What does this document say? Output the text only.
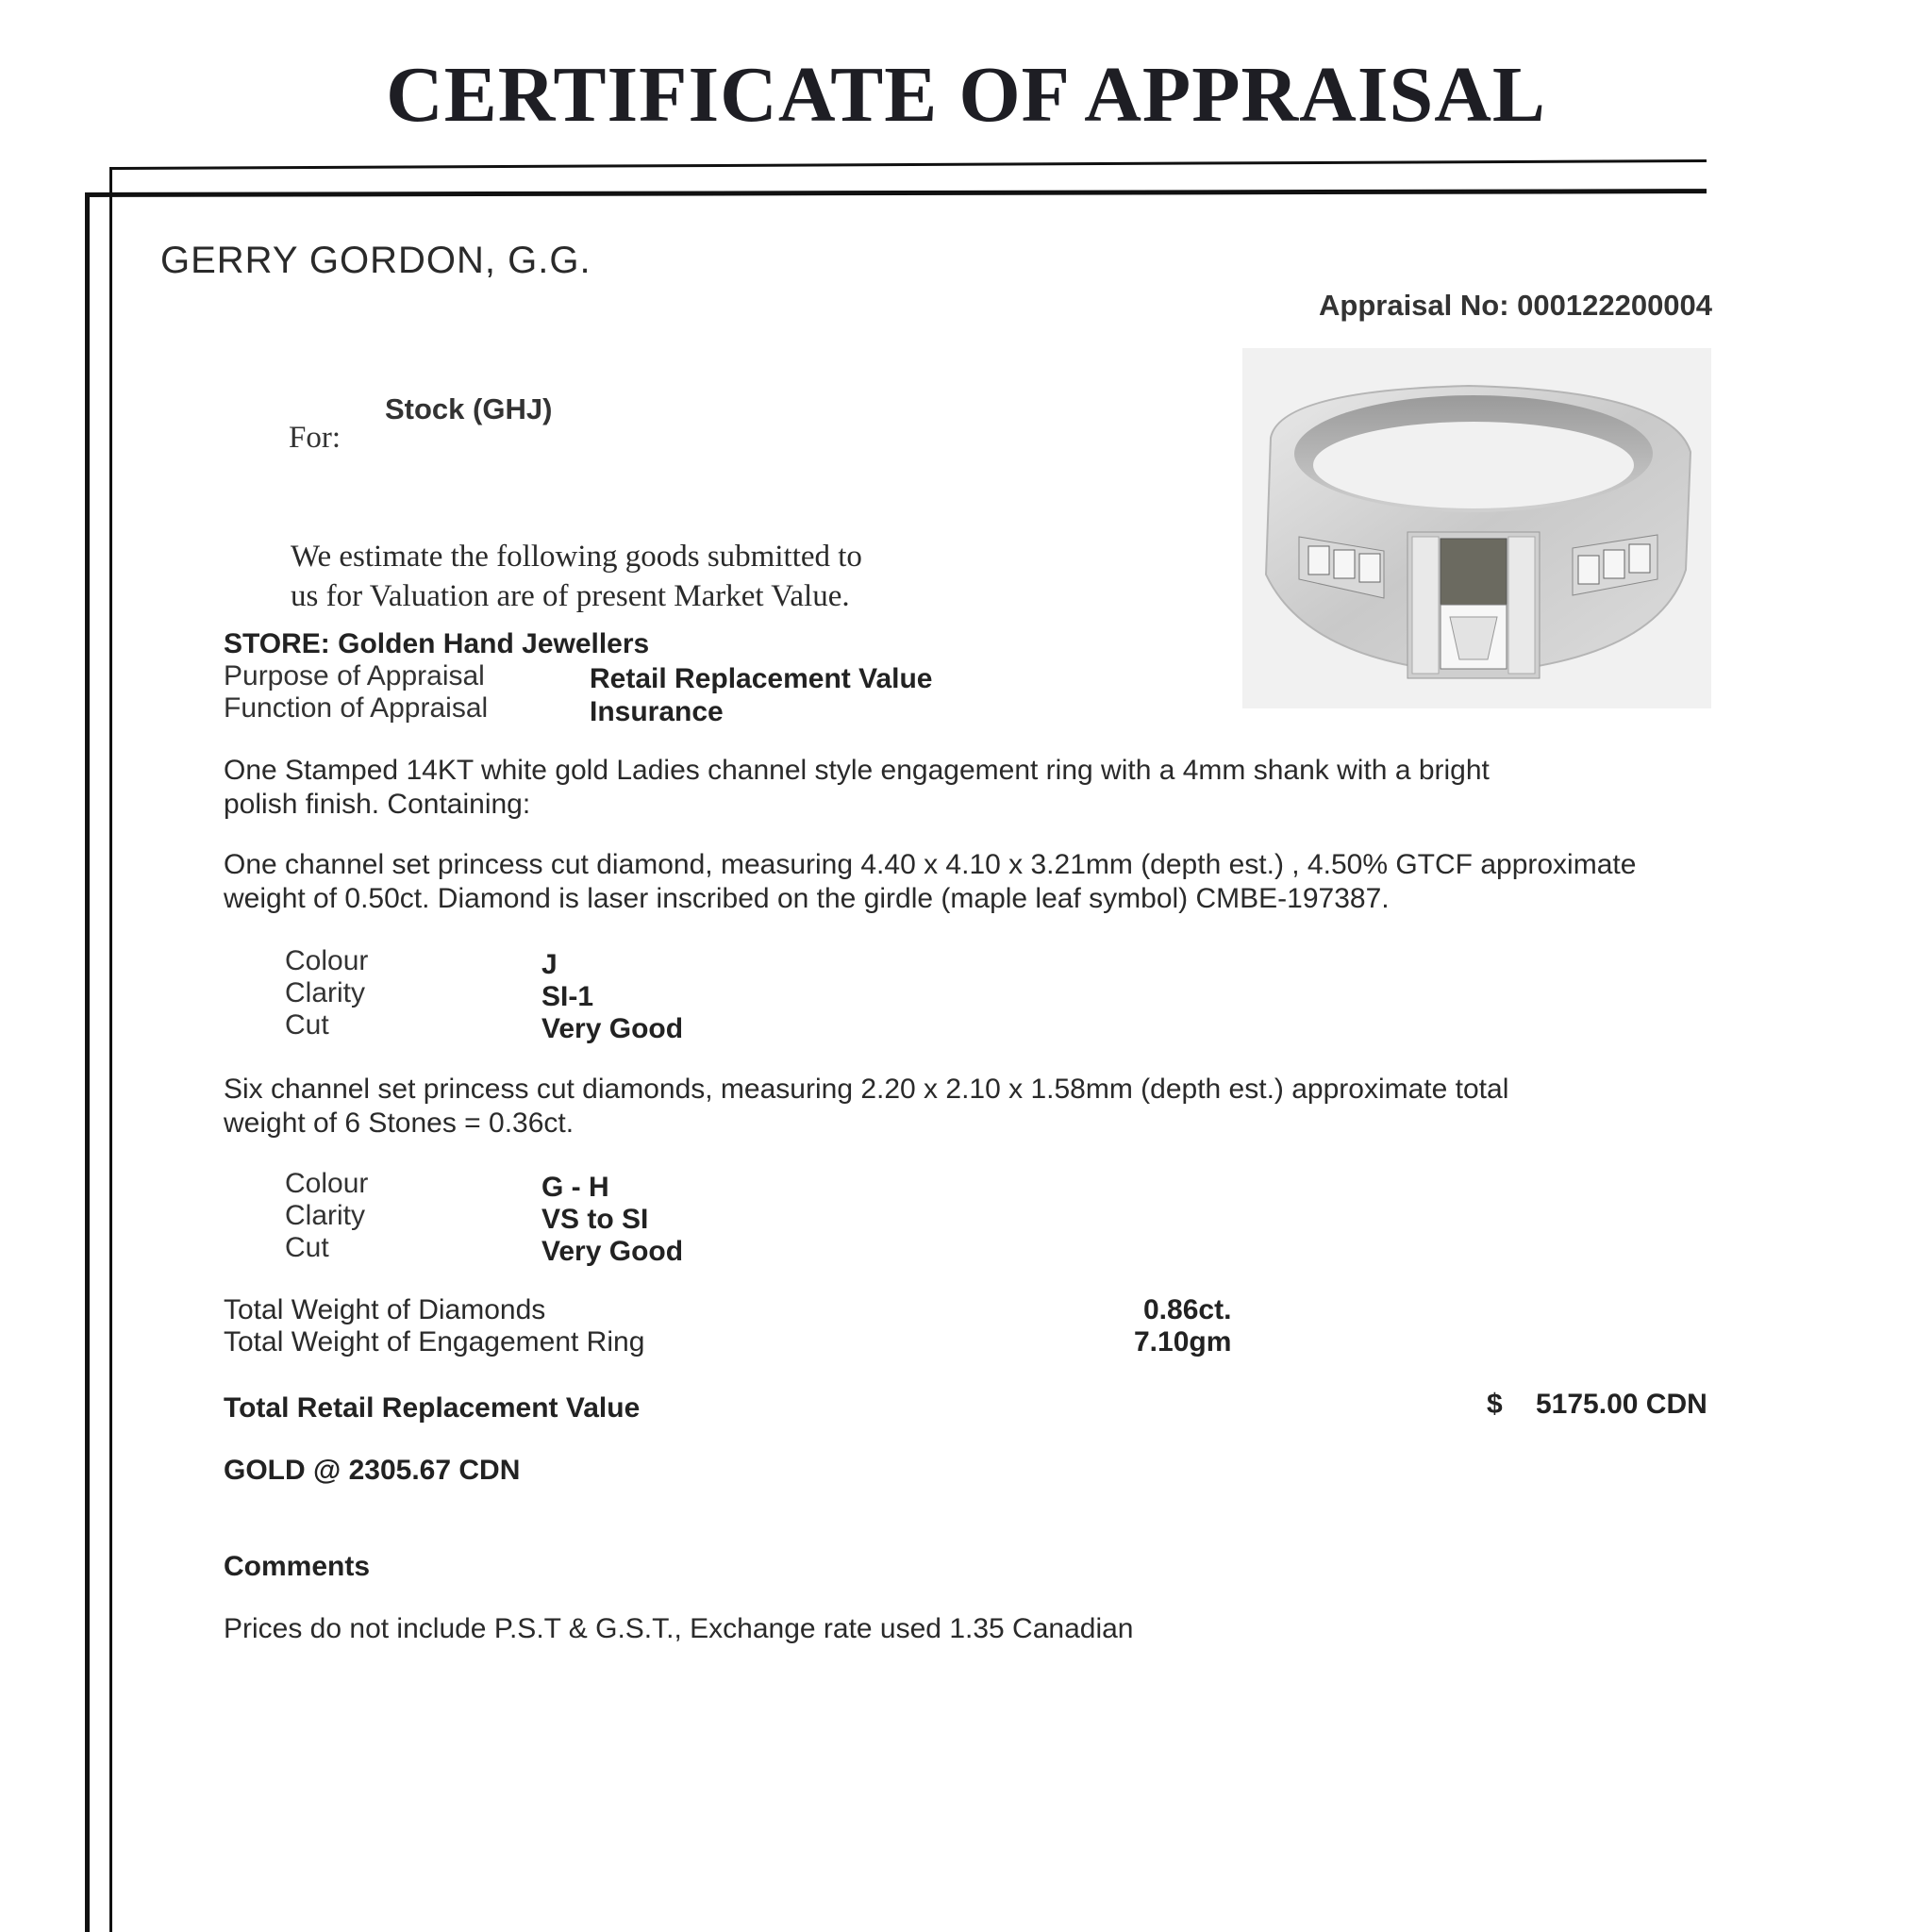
CERTIFICATE OF APPRAISAL
GERRY GORDON, G.G.
Appraisal No: 000122200004
Stock (GHJ)
For:
We estimate the following goods submitted to
us for Valuation are of present Market Value.
STORE: Golden Hand Jewellers
Purpose of Appraisal	Retail Replacement Value
Function of Appraisal	Insurance
One Stamped 14KT white gold Ladies channel style engagement ring with a 4mm shank with a bright
polish finish. Containing:
One channel set princess cut diamond, measuring 4.40 x 4.10 x 3.21mm (depth est.) , 4.50% GTCF approximate
weight of 0.50ct. Diamond is laser inscribed on the girdle (maple leaf symbol) CMBE-197387.
Colour	J
Clarity	SI-1
Cut	Very Good
Six channel set princess cut diamonds, measuring 2.20 x 2.10 x 1.58mm (depth est.) approximate total
weight of 6 Stones = 0.36ct.
Colour	G - H
Clarity	VS to SI
Cut	Very Good
Total Weight of Diamonds	0.86ct.
Total Weight of Engagement Ring	7.10gm
Total Retail Replacement Value	$ 5175.00 CDN
GOLD @ 2305.67 CDN
Comments
Prices do not include P.S.T & G.S.T., Exchange rate used 1.35 Canadian
